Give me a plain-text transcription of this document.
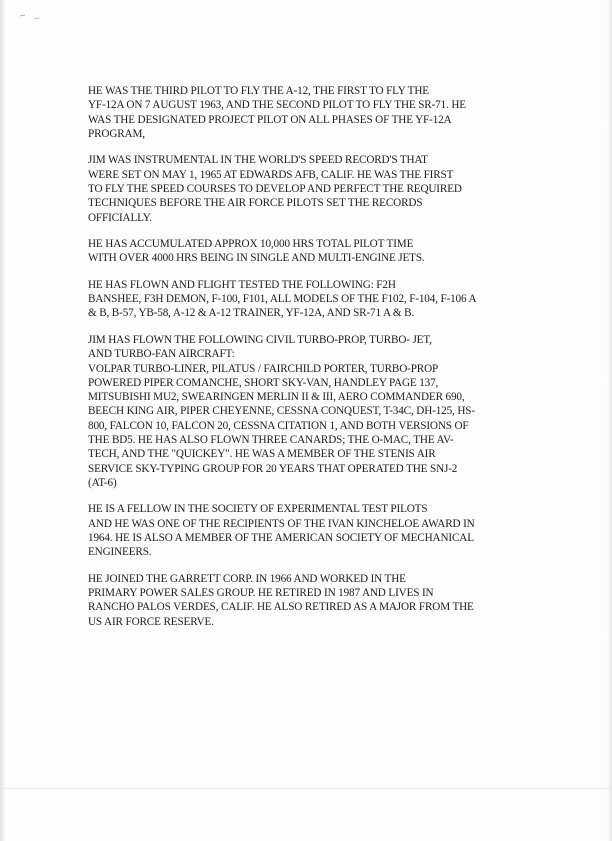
HE WAS THE THIRD PILOT TO FLY THE A-12, THE FIRST TO FLY THE
YF-12A ON 7 AUGUST 1963, AND THE SECOND PILOT TO FLY THE SR-71. HE
WAS THE DESIGNATED PROJECT PILOT ON ALL PHASES OF THE YF-12A
PROGRAM,

JIM WAS INSTRUMENTAL IN THE WORLD'S SPEED RECORD'S THAT
WERE SET ON MAY 1, 1965 AT EDWARDS AFB, CALIF. HE WAS THE FIRST
TO FLY THE SPEED COURSES TO DEVELOP AND PERFECT THE REQUIRED
TECHNIQUES BEFORE THE AIR FORCE PILOTS SET THE RECORDS
OFFICIALLY.

HE HAS ACCUMULATED APPROX 10,000 HRS TOTAL PILOT TIME
WITH OVER 4000 HRS BEING IN SINGLE AND MULTI-ENGINE JETS.

HE HAS FLOWN AND FLIGHT TESTED THE FOLLOWING: F2H
BANSHEE, F3H DEMON, F-100, F101, ALL MODELS OF THE F102, F-104, F-106 A
& B, B-57, YB-58, A-12 & A-12 TRAINER, YF-12A, AND SR-71 A & B.

JIM HAS FLOWN THE FOLLOWING CIVIL TURBO-PROP, TURBO- JET,
AND TURBO-FAN AIRCRAFT:
VOLPAR TURBO-LINER, PILATUS / FAIRCHILD PORTER, TURBO-PROP
POWERED PIPER COMANCHE, SHORT SKY-VAN, HANDLEY PAGE 137,
MITSUBISHI MU2, SWEARINGEN MERLIN II & III, AERO COMMANDER 690,
BEECH KING AIR, PIPER CHEYENNE, CESSNA CONQUEST, T-34C, DH-125, HS-
800, FALCON 10, FALCON 20, CESSNA CITATION 1, AND BOTH VERSIONS OF
THE BD5. HE HAS ALSO FLOWN THREE CANARDS; THE O-MAC, THE AV-
TECH, AND THE "QUICKEY". HE WAS A MEMBER OF THE STENIS AIR
SERVICE SKY-TYPING GROUP FOR 20 YEARS THAT OPERATED THE SNJ-2
(AT-6)

HE IS A FELLOW IN THE SOCIETY OF EXPERIMENTAL TEST PILOTS
AND HE WAS ONE OF THE RECIPIENTS OF THE IVAN KINCHELOE AWARD IN
1964. HE IS ALSO A MEMBER OF THE AMERICAN SOCIETY OF MECHANICAL
ENGINEERS.

HE JOINED THE GARRETT CORP. IN 1966 AND WORKED IN THE
PRIMARY POWER SALES GROUP. HE RETIRED IN 1987 AND LIVES IN
RANCHO PALOS VERDES, CALIF. HE ALSO RETIRED AS A MAJOR FROM THE
US AIR FORCE RESERVE.
